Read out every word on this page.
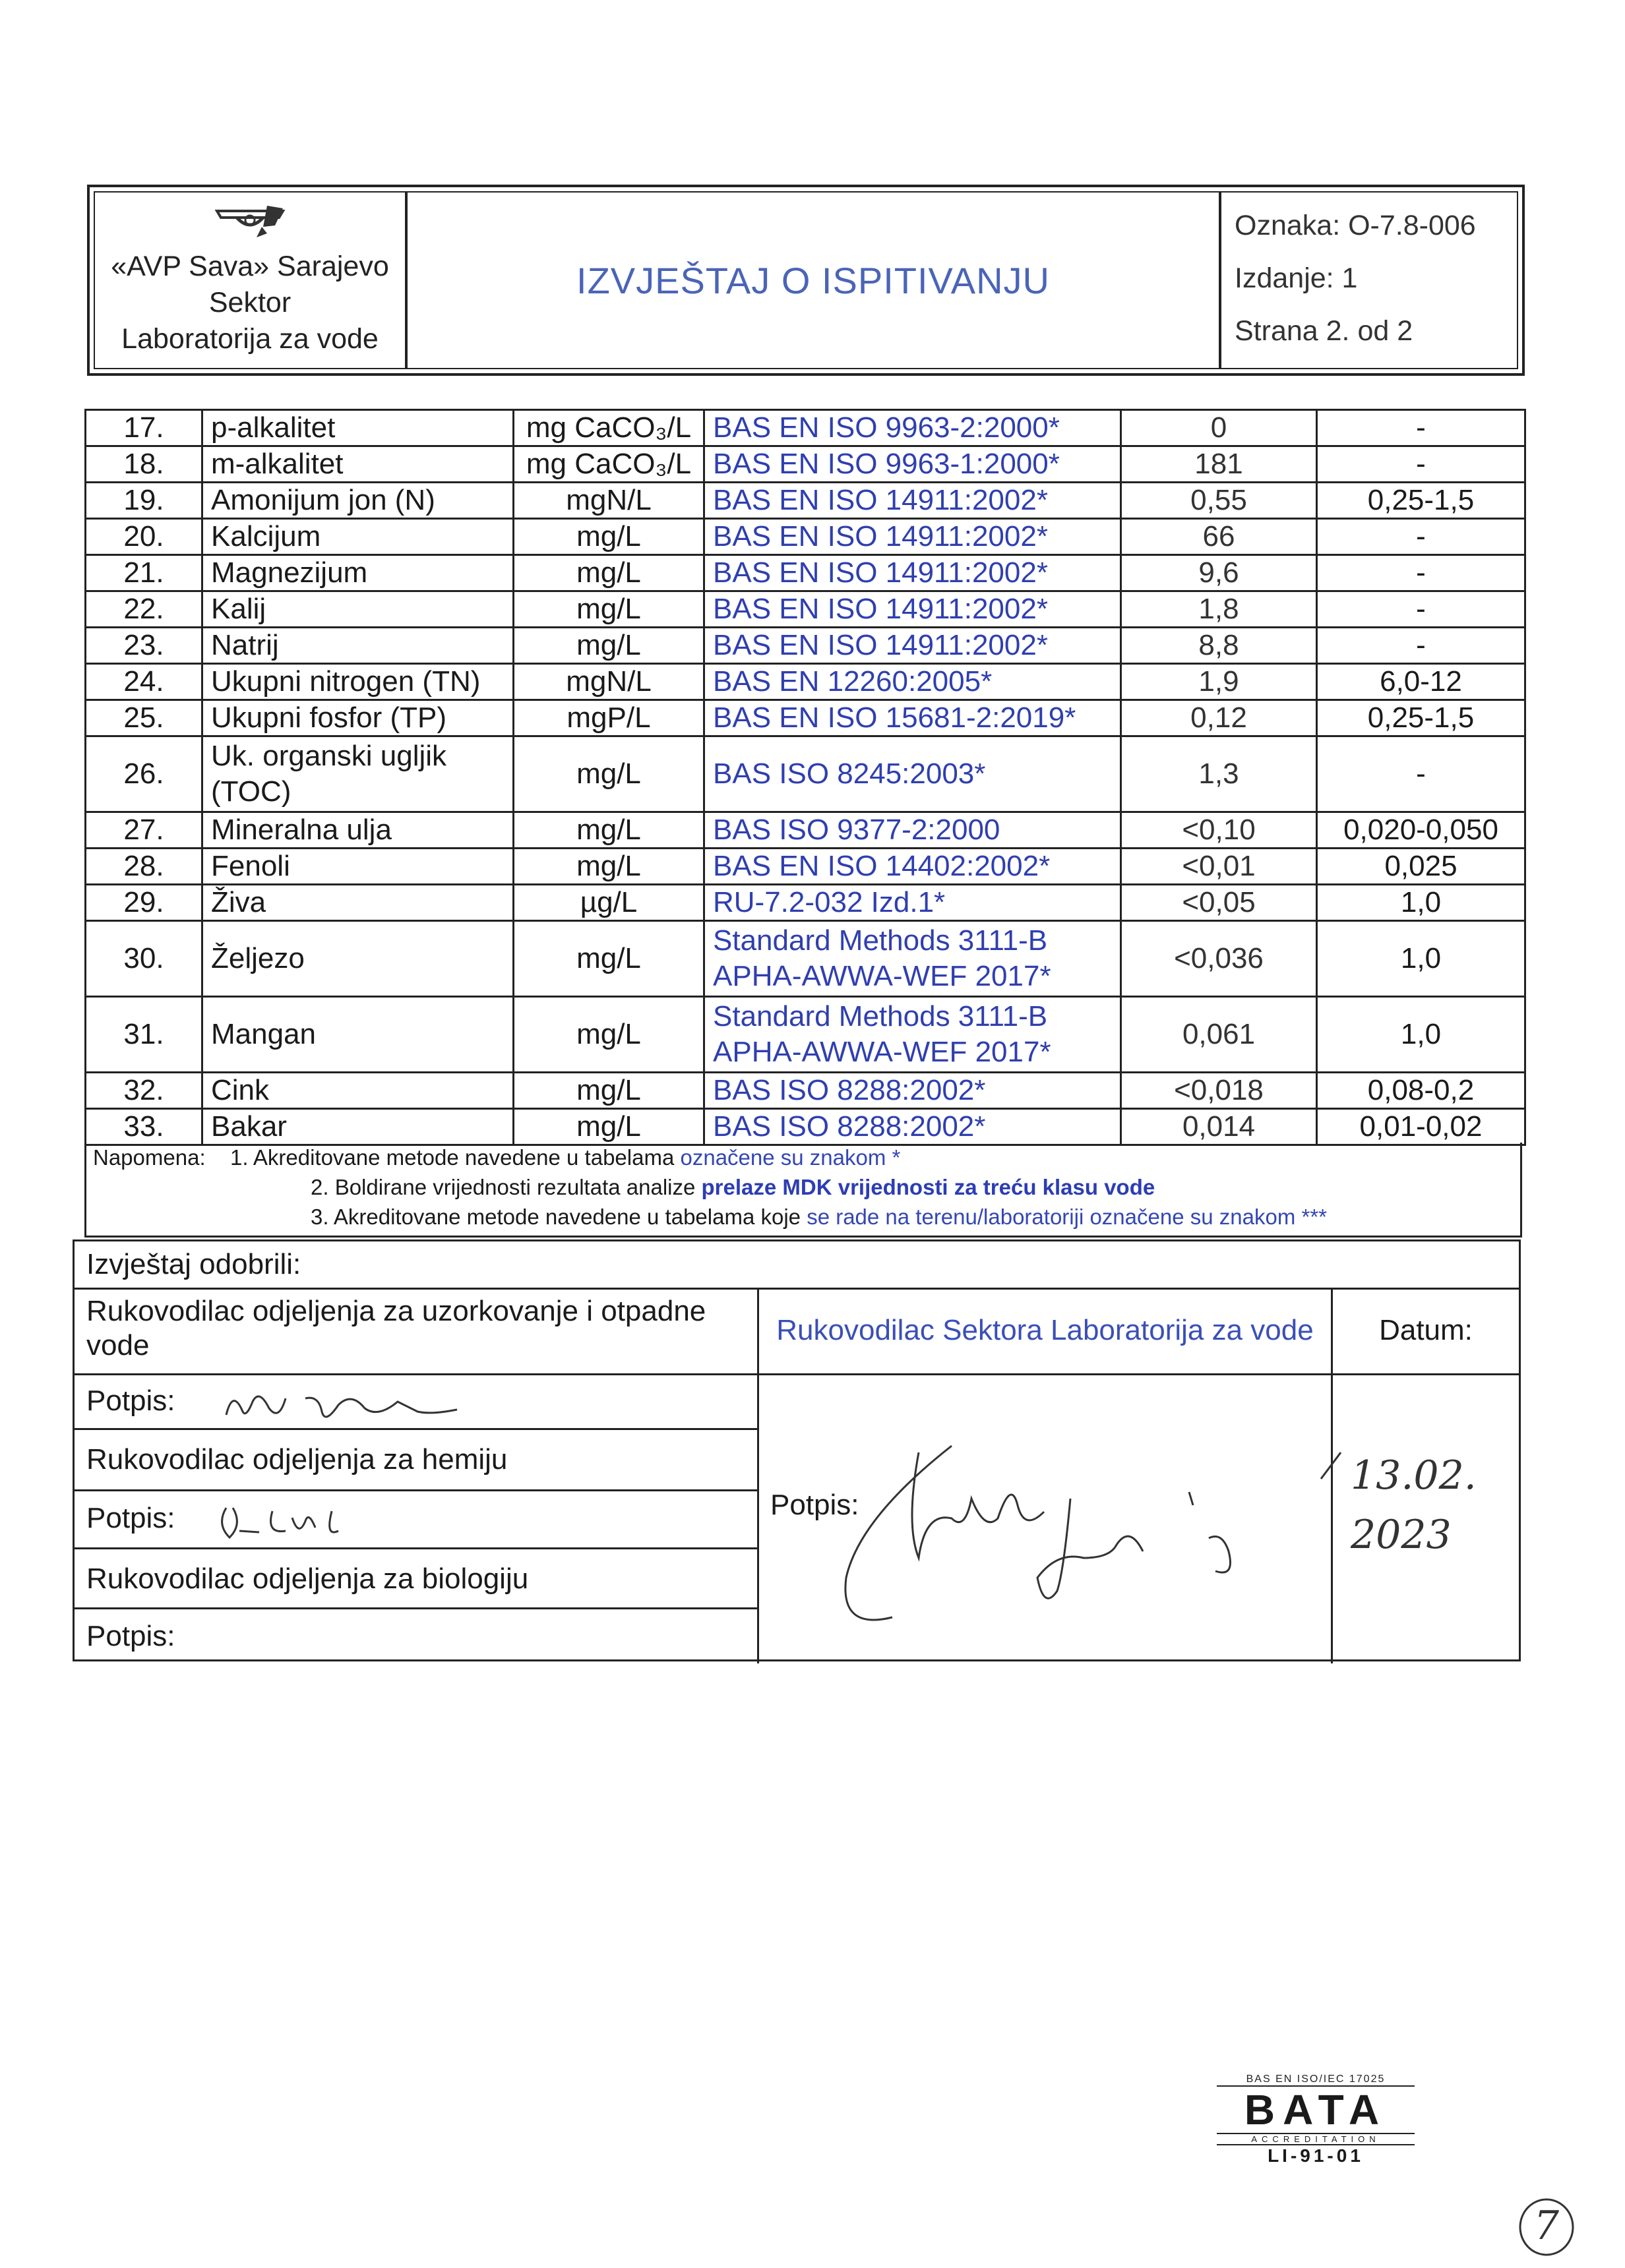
«AVP Sava» Sarajevo
Sektor
Laboratorija za vode
IZVJEŠTAJ O ISPITIVANJU
Oznaka: O-7.8-006
Izdanje: 1
Strana 2. od 2
17.	p-alkalitet	mg CaCO₃/L	BAS EN ISO 9963-2:2000*	0	-
18.	m-alkalitet	mg CaCO₃/L	BAS EN ISO 9963-1:2000*	181	-
19.	Amonijum jon (N)	mgN/L	BAS EN ISO 14911:2002*	0,55	0,25-1,5
20.	Kalcijum	mg/L	BAS EN ISO 14911:2002*	66	-
21.	Magnezijum	mg/L	BAS EN ISO 14911:2002*	9,6	-
22.	Kalij	mg/L	BAS EN ISO 14911:2002*	1,8	-
23.	Natrij	mg/L	BAS EN ISO 14911:2002*	8,8	-
24.	Ukupni nitrogen (TN)	mgN/L	BAS EN 12260:2005*	1,9	6,0-12
25.	Ukupni fosfor (TP)	mgP/L	BAS EN ISO 15681-2:2019*	0,12	0,25-1,5
26.	Uk. organski ugljik (TOC)	mg/L	BAS ISO 8245:2003*	1,3	-
27.	Mineralna ulja	mg/L	BAS ISO 9377-2:2000	<0,10	0,020-0,050
28.	Fenoli	mg/L	BAS EN ISO 14402:2002*	<0,01	0,025
29.	Živa	µg/L	RU-7.2-032 Izd.1*	<0,05	1,0
30.	Željezo	mg/L	Standard Methods 3111-B APHA-AWWA-WEF 2017*	<0,036	1,0
31.	Mangan	mg/L	Standard Methods 3111-B APHA-AWWA-WEF 2017*	0,061	1,0
32.	Cink	mg/L	BAS ISO 8288:2002*	<0,018	0,08-0,2
33.	Bakar	mg/L	BAS ISO 8288:2002*	0,014	0,01-0,02
Napomena: 1. Akreditovane metode navedene u tabelama označene su znakom *
2. Boldirane vrijednosti rezultata analize prelaze MDK vrijednosti za treću klasu vode
3. Akreditovane metode navedene u tabelama koje se rade na terenu/laboratoriji označene su znakom ***
Izvještaj odobrili:
Rukovodilac odjeljenja za uzorkovanje i otpadne vode
Potpis:
Rukovodilac odjeljenja za hemiju
Potpis:
Rukovodilac odjeljenja za biologiju
Potpis:
Rukovodilac Sektora Laboratorija za vode
Potpis:
Datum:
13.02.
2023
BAS EN ISO/IEC 17025
BATA
ACCREDITATION
LI-91-01
7
